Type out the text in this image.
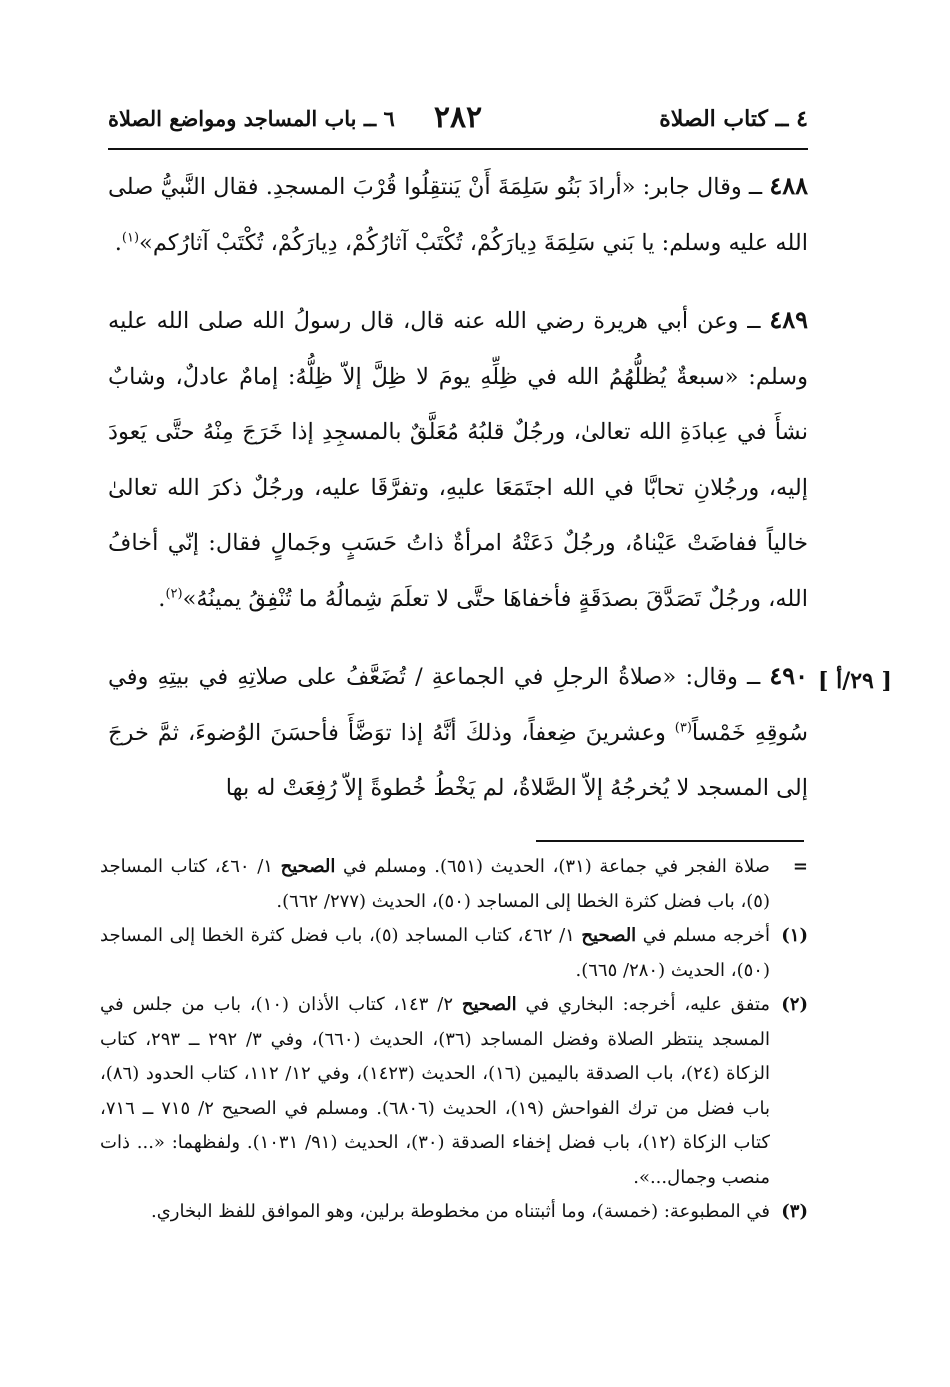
٤ ــ كتاب الصلاة
٢٨٢
٦ ــ باب المساجد ومواضع الصلاة

٤٨٨ ــ وقال جابر: «أرادَ بَنُو سَلِمَةَ أَنْ يَنتقِلُوا قُرْبَ المسجدِ. فقال النَّبيُّ صلى الله عليه وسلم: يا بَني سَلِمَةَ دِيارَكُمْ، تُكْتَبْ آثارُكُمْ، دِيارَكُمْ، تُكْتَبْ آثارُكم»$^{(١)}$.

٤٨٩ ــ وعن أبي هريرة رضي الله عنه قال، قال رسولُ الله صلى الله عليه وسلم: «سبعةٌ يُظلُّهُمُ الله في ظِلِّهِ يومَ لا ظِلَّ إلاّ ظِلُّهُ: إمامٌ عادلٌ، وشابٌ نشأَ في عِبادَةِ الله تعالىٰ، ورجُلٌ قلبُهُ مُعَلَّقٌ بالمسجِدِ إذا خَرَجَ مِنْهُ حتَّى يَعودَ إليه، ورجُلانِ تحابَّا في الله اجتَمَعَا عليهِ، وتفرَّقَا عليه، ورجُلٌ ذكرَ الله تعالىٰ خالياً ففاضَتْ عَيْناهُ، ورجُلٌ دَعَتْهُ امرأةٌ ذاتُ حَسَبٍ وجَمالٍ فقال: إنّي أخافُ الله، ورجُلٌ تَصَدَّقَ بصدَقَةٍ فأخفاهَا حتَّى لا تعلَمَ شِمالُهُ ما تُنْفِقُ يمينُهُ»$^{(٢)}$.

٤٩٠ ــ وقال: «صلاةُ الرجلِ في الجماعةِ / تُضَعَّفُ على صلاتِهِ في بيتِهِ وفي سُوقِهِ خَمْساً$^{(٣)}$ وعشرينَ ضِعفاً، وذلكَ أنَّهُ إذا توَضَّأَ فأحسَنَ الوُضوءَ، ثمَّ خرجَ إلى المسجد لا يُخرجُهُ إلاّ الصَّلاةُ، لم يَخْطُ خُطوةً إلاّ رُفِعَتْ له بها

[ ٢٩/أ ]

=
صلاة الفجر في جماعة (٣١)، الحديث (٦٥١). ومسلم في الصحيح ١/ ٤٦٠، كتاب المساجد (٥)، باب فضل كثرة الخطا إلى المساجد (٥٠)، الحديث (٢٧٧/ ٦٦٢).

(١)
أخرجه مسلم في الصحيح ١/ ٤٦٢، كتاب المساجد (٥)، باب فضل كثرة الخطا إلى المساجد (٥٠)، الحديث (٢٨٠/ ٦٦٥).

(٢)
متفق عليه، أخرجه: البخاري في الصحيح ٢/ ١٤٣، كتاب الأذان (١٠)، باب من جلس في المسجد ينتظر الصلاة وفضل المساجد (٣٦)، الحديث (٦٦٠)، وفي ٣/ ٢٩٢ ــ ٢٩٣، كتاب الزكاة (٢٤)، باب الصدقة باليمين (١٦)، الحديث (١٤٢٣)، وفي ١٢/ ١١٢، كتاب الحدود (٨٦)، باب فضل من ترك الفواحش (١٩)، الحديث (٦٨٠٦). ومسلم في الصحيح ٢/ ٧١٥ ــ ٧١٦، كتاب الزكاة (١٢)، باب فضل إخفاء الصدقة (٣٠)، الحديث (٩١/ ١٠٣١). ولفظهما: «... ذات منصب وجمال...».

(٣)
في المطبوعة: (خمسة)، وما أثبتناه من مخطوطة برلين، وهو الموافق للفظ البخاري.
